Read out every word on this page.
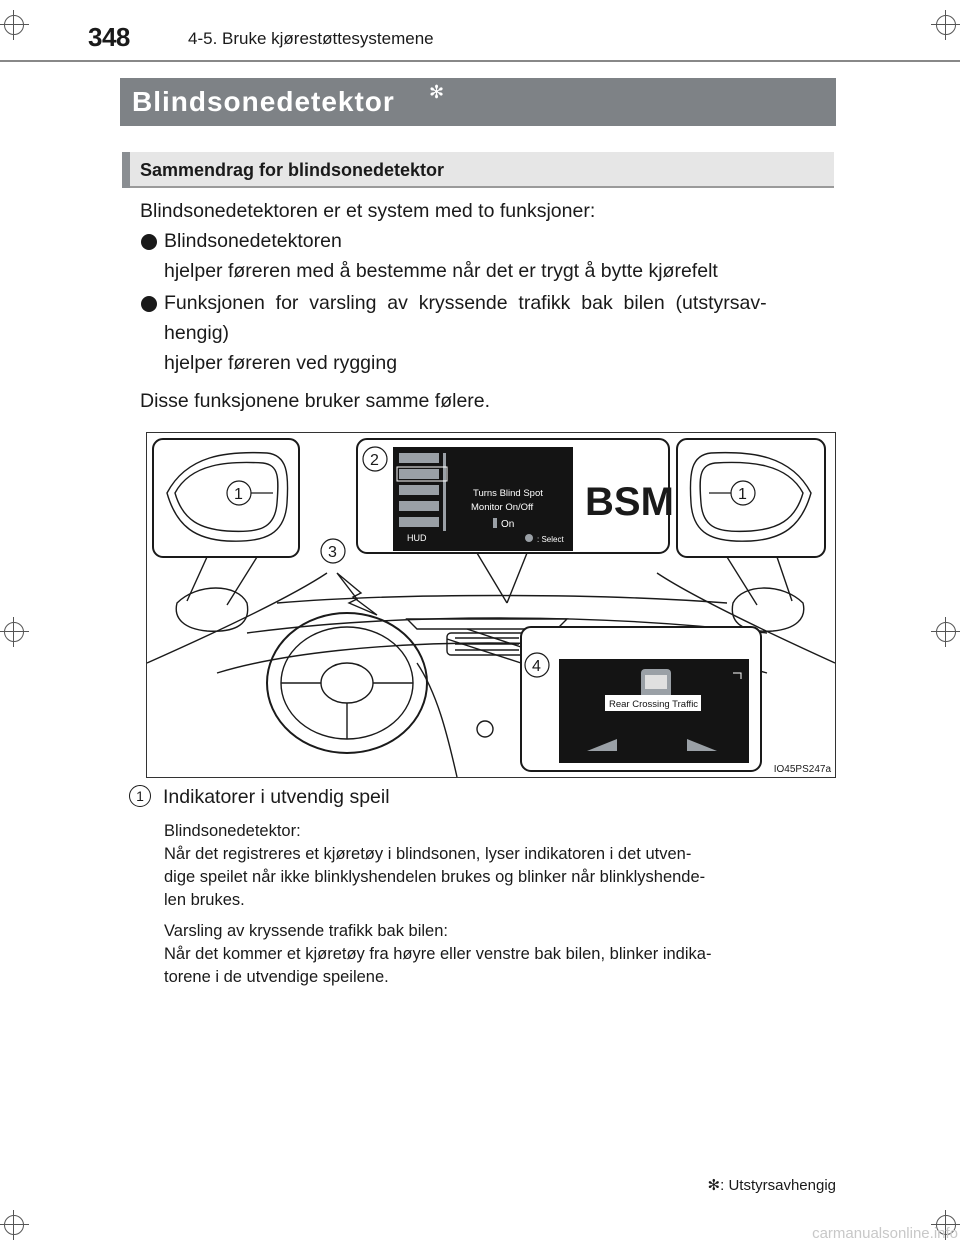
348	4-5. Bruke kjørestøttesystemene
Blindsonedetektor ✻
Sammendrag for blindsonedetektor
Blindsonedetektoren er et system med to funksjoner:
Blindsonedetektoren
hjelper føreren med å bestemme når det er trygt å bytte kjørefelt
Funksjonen  for  varsling  av  kryssende  trafikk  bak  bilen  (utstyrsav-
hengig)
hjelper føreren ved rygging
Disse funksjonene bruker samme følere.
Turns Blind Spot
Monitor On/Off
On
HUD	: Select
BSM
Rear Crossing Traffic
1
2
3
4
1
IO45PS247a
1 Indikatorer i utvendig speil
Blindsonedetektor:
Når det registreres et kjøretøy i blindsonen, lyser indikatoren i det utven-
dige speilet når ikke blinklyshendelen brukes og blinker når blinklyshende-
len brukes.
Varsling av kryssende trafikk bak bilen:
Når det kommer et kjøretøy fra høyre eller venstre bak bilen, blinker indika-
torene i de utvendige speilene.
✻: Utstyrsavhengig
carmanualsonline.info
